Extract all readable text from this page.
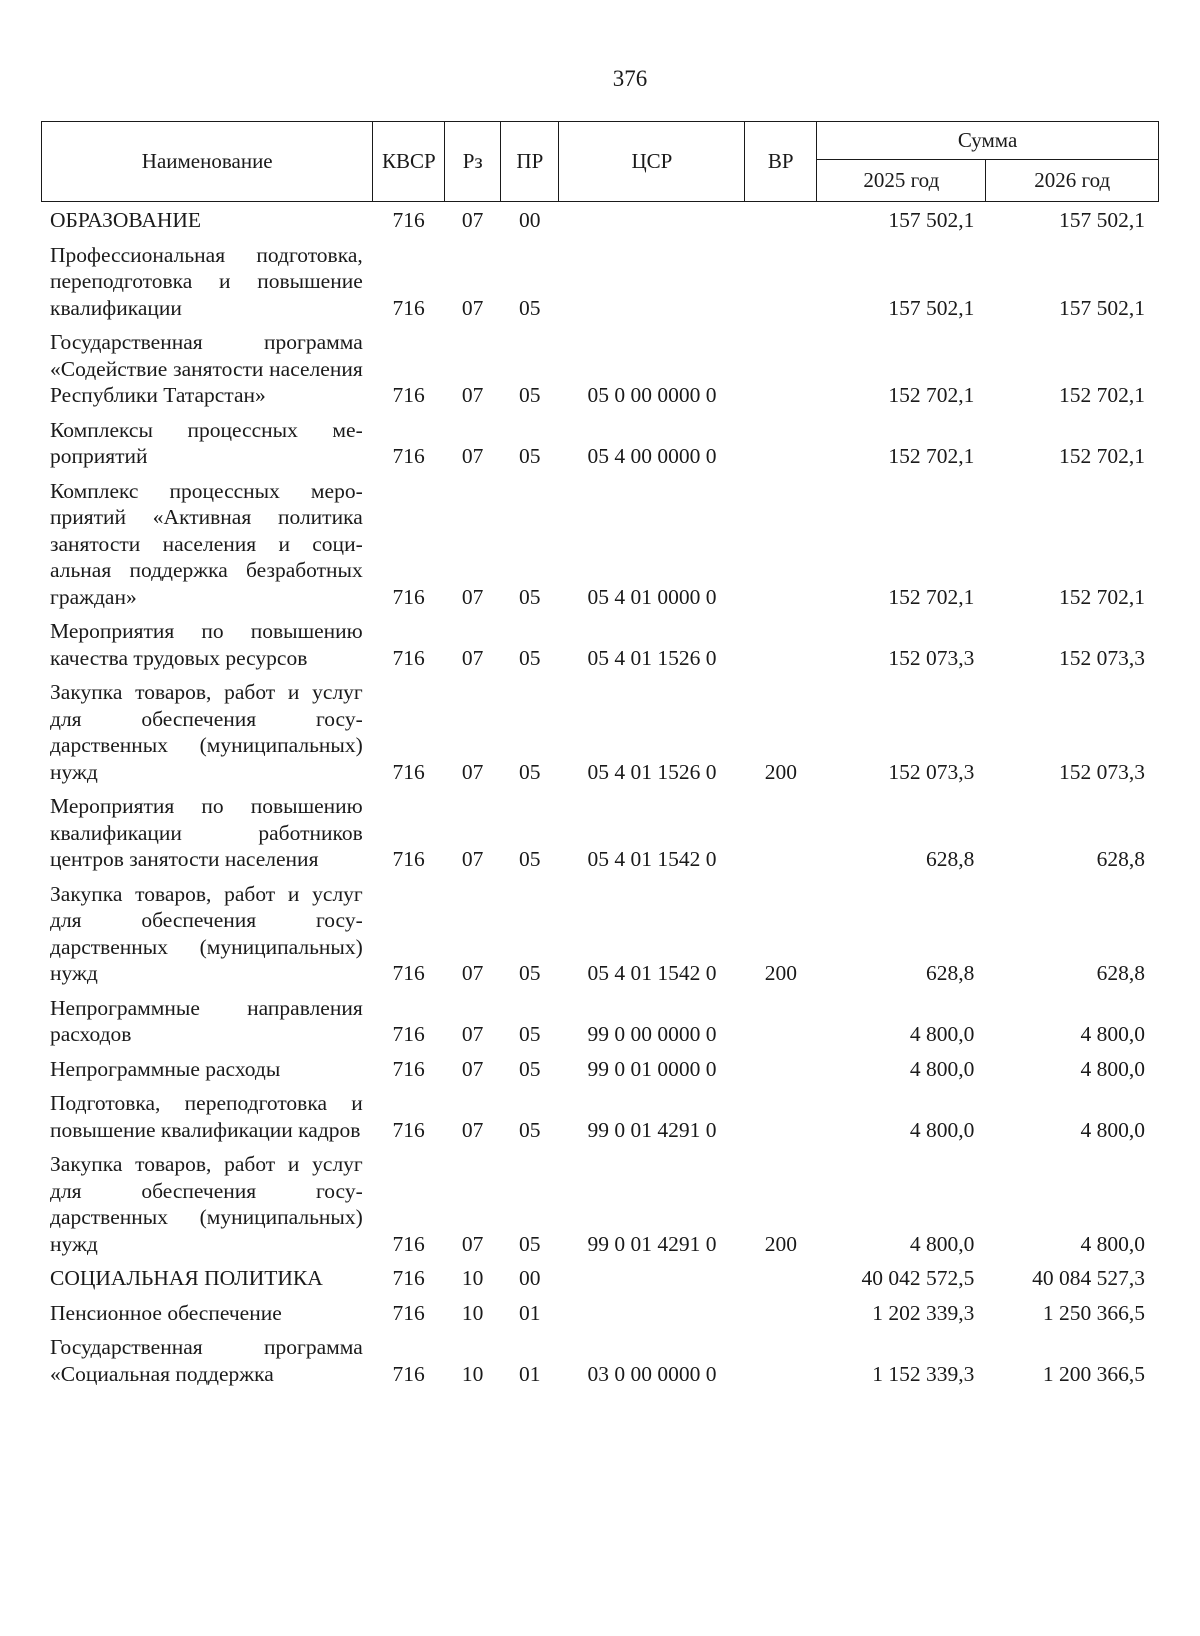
376
Наименование	КВСР	Рз	ПР	ЦСР	ВР	Сумма	
						2025 год	2026 год
ОБРАЗОВАНИЕ	716	07	00			157 502,1	157 502,1
Профессиональная подготовка, переподготовка и повышение квалификации	716	07	05			157 502,1	157 502,1
Государственная программа «Содействие занятости населения Республики Татарстан»	716	07	05	05 0 00 0000 0		152 702,1	152 702,1
Комплексы процессных мероприятий	716	07	05	05 4 00 0000 0		152 702,1	152 702,1
Комплекс процессных мероприятий «Активная политика занятости населения и социальная поддержка безработных граждан»	716	07	05	05 4 01 0000 0		152 702,1	152 702,1
Мероприятия по повышению качества трудовых ресурсов	716	07	05	05 4 01 1526 0		152 073,3	152 073,3
Закупка товаров, работ и услуг для обеспечения государственных (муниципальных) нужд	716	07	05	05 4 01 1526 0	200	152 073,3	152 073,3
Мероприятия по повышению квалификации работников центров занятости населения	716	07	05	05 4 01 1542 0		628,8	628,8
Закупка товаров, работ и услуг для обеспечения государственных (муниципальных) нужд	716	07	05	05 4 01 1542 0	200	628,8	628,8
Непрограммные направления расходов	716	07	05	99 0 00 0000 0		4 800,0	4 800,0
Непрограммные расходы	716	07	05	99 0 01 0000 0		4 800,0	4 800,0
Подготовка, переподготовка и повышение квалификации кадров	716	07	05	99 0 01 4291 0		4 800,0	4 800,0
Закупка товаров, работ и услуг для обеспечения государственных (муниципальных) нужд	716	07	05	99 0 01 4291 0	200	4 800,0	4 800,0
СОЦИАЛЬНАЯ ПОЛИТИКА	716	10	00			40 042 572,5	40 084 527,3
Пенсионное обеспечение	716	10	01			1 202 339,3	1 250 366,5
Государственная программа «Социальная поддержка	716	10	01	03 0 00 0000 0		1 152 339,3	1 200 366,5
